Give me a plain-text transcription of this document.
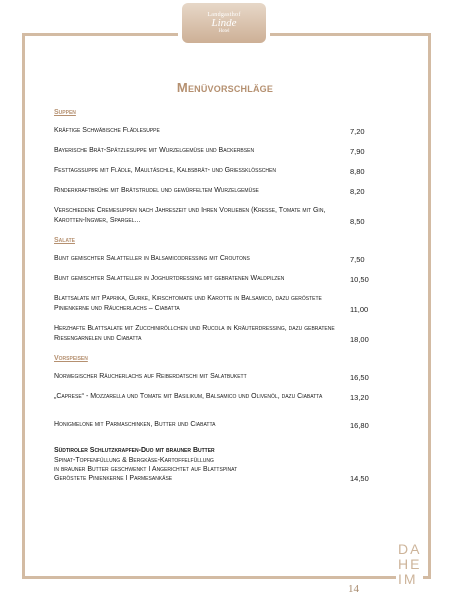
Landgasthof
Linde
Hotel
Menüvorschläge
Suppen
Kräftige Schwäbische Flädlesuppe	7,20
Bayerische Brät-Spätzlesuppe mit Wurzelgemüse und Backerbsen	7,90
Festtagssuppe mit Flädle, Maultäschle, Kalbsbrät- und Grießklößchen	8,80
Rinderkraftbrühe mit Brätstrudel und gewürfeltem Wurzelgemüse	8,20
Verschiedene Cremesuppen nach Jahreszeit und Ihren Vorlieben (Kresse, Tomate mit Gin, Karotten-Ingwer, Spargel...	8,50
Salate
Bunt gemischter Salatteller in Balsamicodressing mit Croutons	7,50
Bunt gemischter Salatteller in Joghurtdressing mit gebratenen Waldpilzen	10,50
Blattsalate mit Paprika, Gurke, Kirschtomate und Karotte in Balsamico, dazu geröstete Pinienkerne und Räucherlachs – Ciabatta	11,00
Herzhafte Blattsalate mit Zucchiniröllchen und Rucola in Kräuterdressing, dazu gebratene Riesengarnelen und Ciabatta	18,00
Vorspeisen
Norwegischer Räucherlachs auf Reiberdatschi mit Salatbukett	16,50
„Caprese“ - Mozzarella und Tomate mit Basilikum, Balsamico und Olivenöl, dazu Ciabatta	13,20
Honigmelone mit Parmaschinken, Butter und Ciabatta	16,80
Südtiroler Schlutzkrapfen-Duo mit brauner Butter
Spinat-Topfenfüllung & Bergkäse-Kartoffelfüllung
in brauner Butter geschwenkt I Angerichtet auf Blattspinat
Geröstete Pinienkerne I Parmesankäse	14,50
14
DA
HE
IM
